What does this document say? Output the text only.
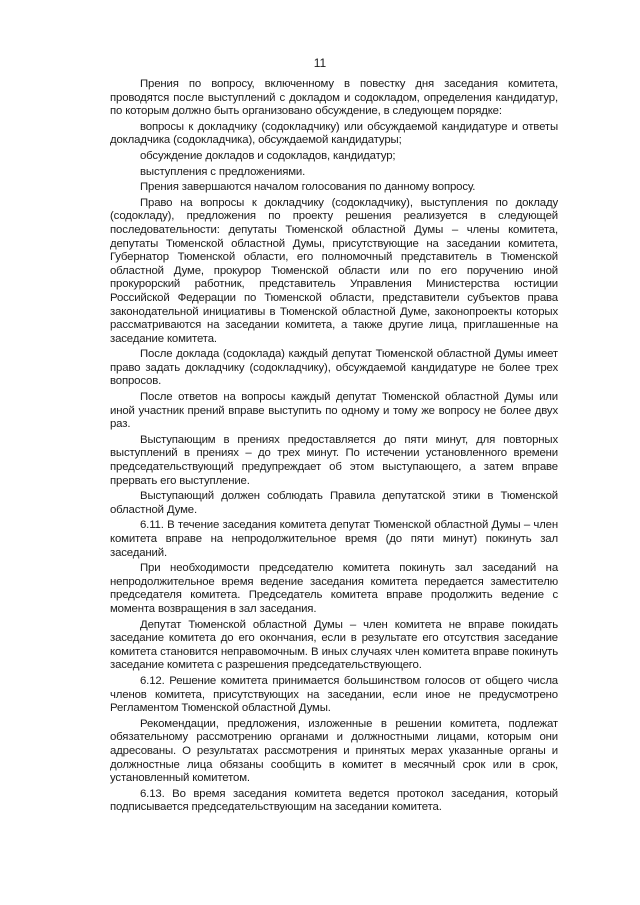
11

Прения по вопросу, включенному в повестку дня заседания комитета, проводятся после выступлений с докладом и содокладом, определения кандидатур, по которым должно быть организовано обсуждение, в следующем порядке:

вопросы к докладчику (содокладчику) или обсуждаемой кандидатуре и ответы докладчика (содокладчика), обсуждаемой кандидатуры;

обсуждение докладов и содокладов, кандидатур;

выступления с предложениями.

Прения завершаются началом голосования по данному вопросу.

Право на вопросы к докладчику (содокладчику), выступления по докладу (содокладу), предложения по проекту решения реализуется в следующей последовательности: депутаты Тюменской областной Думы – члены комитета, депутаты Тюменской областной Думы, присутствующие на заседании комитета, Губернатор Тюменской области, его полномочный представитель в Тюменской областной Думе, прокурор Тюменской области или по его поручению иной прокурорский работник, представитель Управления Министерства юстиции Российской Федерации по Тюменской области, представители субъектов права законодательной инициативы в Тюменской областной Думе, законопроекты которых рассматриваются на заседании комитета, а также другие лица, приглашенные на заседание комитета.

После доклада (содоклада) каждый депутат Тюменской областной Думы имеет право задать докладчику (содокладчику), обсуждаемой кандидатуре не более трех вопросов.

После ответов на вопросы каждый депутат Тюменской областной Думы или иной участник прений вправе выступить по одному и тому же вопросу не более двух раз.

Выступающим в прениях предоставляется до пяти минут, для повторных выступлений в прениях – до трех минут. По истечении установленного времени председательствующий предупреждает об этом выступающего, а затем вправе прервать его выступление.

Выступающий должен соблюдать Правила депутатской этики в Тюменской областной Думе.

6.11. В течение заседания комитета депутат Тюменской областной Думы – член комитета вправе на непродолжительное время (до пяти минут) покинуть зал заседаний.

При необходимости председателю комитета покинуть зал заседаний на непродолжительное время ведение заседания комитета передается заместителю председателя комитета. Председатель комитета вправе продолжить ведение с момента возвращения в зал заседания.

Депутат Тюменской областной Думы – член комитета не вправе покидать заседание комитета до его окончания, если в результате его отсутствия заседание комитета становится неправомочным. В иных случаях член комитета вправе покинуть заседание комитета с разрешения председательствующего.

6.12. Решение комитета принимается большинством голосов от общего числа членов комитета, присутствующих на заседании, если иное не предусмотрено Регламентом Тюменской областной Думы.

Рекомендации, предложения, изложенные в решении комитета, подлежат обязательному рассмотрению органами и должностными лицами, которым они адресованы. О результатах рассмотрения и принятых мерах указанные органы и должностные лица обязаны сообщить в комитет в месячный срок или в срок, установленный комитетом.

6.13. Во время заседания комитета ведется протокол заседания, который подписывается председательствующим на заседании комитета.
